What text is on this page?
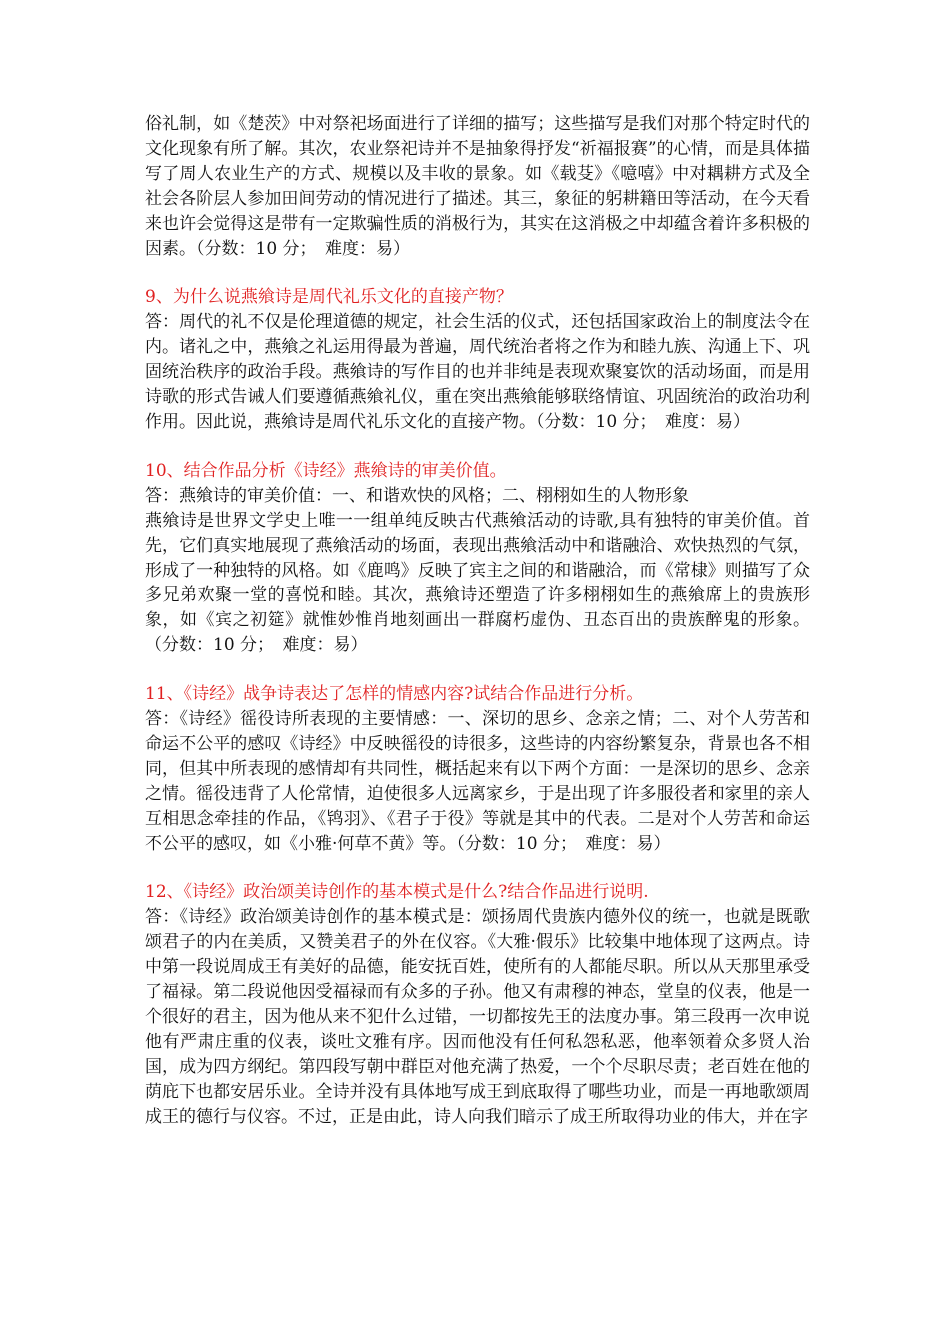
俗礼制，如《楚茨》中对祭祀场面进行了详细的描写；这些描写是我们对那个特定时代的文化现象有所了解。其次，农业祭祀诗并不是抽象得抒发“祈福报赛”的心情，而是具体描写了周人农业生产的方式、规模以及丰收的景象。如《载芟》《噫嘻》中对耦耕方式及全社会各阶层人参加田间劳动的情况进行了描述。其三，象征的躬耕籍田等活动，在今天看来也许会觉得这是带有一定欺骗性质的消极行为，其实在这消极之中却蕴含着许多积极的因素。（分数：10 分；　难度：易）

9、为什么说燕飨诗是周代礼乐文化的直接产物？

答：周代的礼不仅是伦理道德的规定，社会生活的仪式，还包括国家政治上的制度法令在内。诸礼之中，燕飨之礼运用得最为普遍，周代统治者将之作为和睦九族、沟通上下、巩固统治秩序的政治手段。燕飨诗的写作目的也并非纯是表现欢聚宴饮的活动场面，而是用诗歌的形式告诫人们要遵循燕飨礼仪，重在突出燕飨能够联络情谊、巩固统治的政治功利作用。因此说，燕飨诗是周代礼乐文化的直接产物。（分数：10 分；　难度：易）

10、结合作品分析《诗经》燕飨诗的审美价值。

答：燕飨诗的审美价值：一、和谐欢快的风格；二、栩栩如生的人物形象

燕飨诗是世界文学史上唯一一组单纯反映古代燕飨活动的诗歌,具有独特的审美价值。首先，它们真实地展现了燕飨活动的场面，表现出燕飨活动中和谐融洽、欢快热烈的气氛，形成了一种独特的风格。如《鹿鸣》反映了宾主之间的和谐融洽，而《常棣》则描写了众多兄弟欢聚一堂的喜悦和睦。其次，燕飨诗还塑造了许多栩栩如生的燕飨席上的贵族形象，如《宾之初筵》就惟妙惟肖地刻画出一群腐朽虚伪、丑态百出的贵族醉鬼的形象。（分数：10 分；　难度：易）

11、《诗经》战争诗表达了怎样的情感内容?试结合作品进行分析。

答：《诗经》徭役诗所表现的主要情感：一、深切的思乡、念亲之情；二、对个人劳苦和命运不公平的感叹《诗经》中反映徭役的诗很多，这些诗的内容纷繁复杂，背景也各不相同，但其中所表现的感情却有共同性，概括起来有以下两个方面：一是深切的思乡、念亲之情。徭役违背了人伦常情，迫使很多人远离家乡，于是出现了许多服役者和家里的亲人互相思念牵挂的作品，《鸨羽》、《君子于役》等就是其中的代表。二是对个人劳苦和命运不公平的感叹，如《小雅·何草不黄》等。（分数：10 分；　难度：易）

12、《诗经》政治颂美诗创作的基本模式是什么?结合作品进行说明.

答：《诗经》政治颂美诗创作的基本模式是：颂扬周代贵族内德外仪的统一，也就是既歌颂君子的内在美质，又赞美君子的外在仪容。《大雅·假乐》比较集中地体现了这两点。诗中第一段说周成王有美好的品德，能安抚百姓，使所有的人都能尽职。所以从天那里承受了福禄。第二段说他因受福禄而有众多的子孙。他又有肃穆的神态，堂皇的仪表，他是一个很好的君主，因为他从来不犯什么过错，一切都按先王的法度办事。第三段再一次申说他有严肃庄重的仪表，谈吐文雅有序。因而他没有任何私怨私恶，他率领着众多贤人治国，成为四方纲纪。第四段写朝中群臣对他充满了热爱，一个个尽职尽责；老百姓在他的荫庇下也都安居乐业。全诗并没有具体地写成王到底取得了哪些功业，而是一再地歌颂周成王的德行与仪容。不过，正是由此，诗人向我们暗示了成王所取得功业的伟大，并在字
